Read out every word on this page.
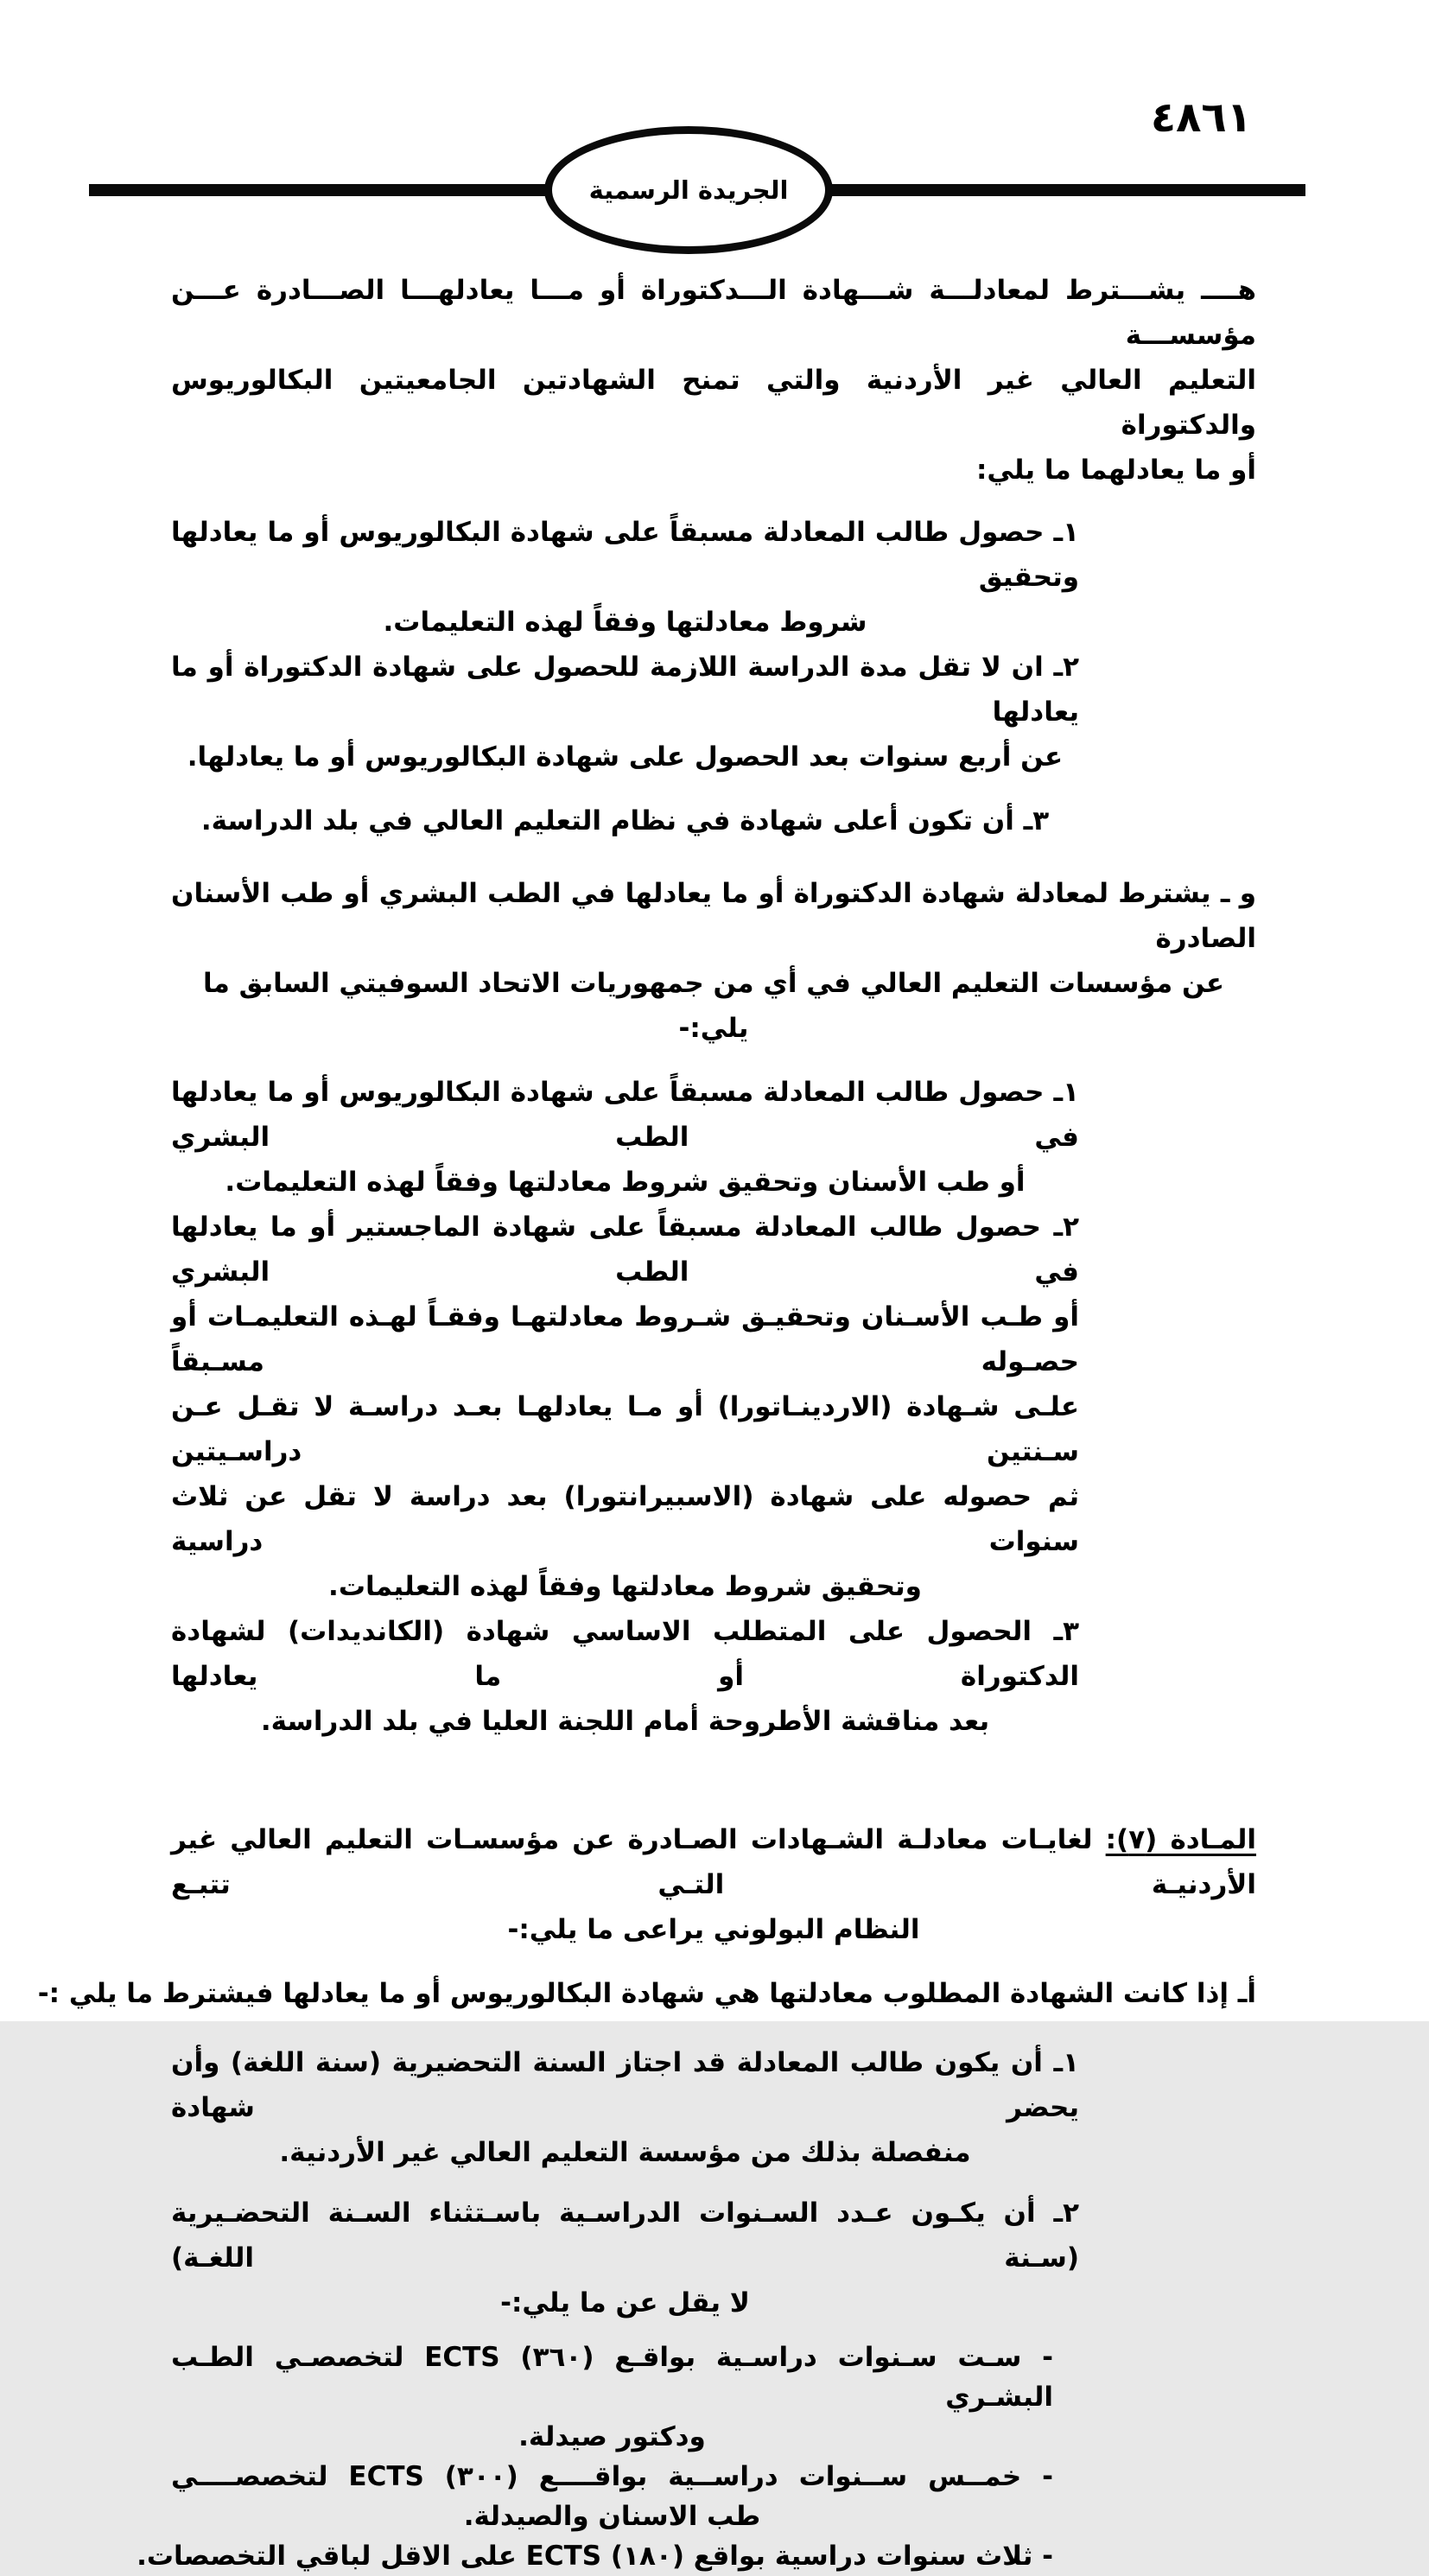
٤٨٦١
الجريدة الرسمية
هــــ يشـــترط لمعادلـــة شـــهادة الـــدكتوراة أو مـــا يعادلهـــا الصـــادرة عـــن مؤسســـة
التعليم العالي غير الأردنية والتي تمنح الشهادتين الجامعيتين البكالوريوس والدكتوراة
أو ما يعادلهما ما يلي:
١ـ حصول طالب المعادلة مسبقاً على شهادة البكالوريوس أو ما يعادلها وتحقيق
شروط معادلتها وفقاً لهذه التعليمات.
٢ـ ان لا تقل مدة الدراسة اللازمة للحصول على شهادة الدكتوراة أو ما يعادلها
عن أربع سنوات بعد الحصول على شهادة البكالوريوس أو ما يعادلها.
٣ـ أن تكون أعلى شهادة في نظام التعليم العالي في بلد الدراسة.
و ـ يشترط لمعادلة شهادة الدكتوراة أو ما يعادلها في الطب البشري أو طب الأسنان الصادرة
عن مؤسسات التعليم العالي في أي من جمهوريات الاتحاد السوفيتي السابق ما يلي:-
١ـ حصول طالب المعادلة مسبقاً على شهادة البكالوريوس أو ما يعادلها في الطب البشري
أو طب الأسنان وتحقيق شروط معادلتها وفقاً لهذه التعليمات.
٢ـ حصول طالب المعادلة مسبقاً على شهادة الماجستير أو ما يعادلها في الطب البشري
أو طـب الأسـنان وتحقيـق شـروط معادلتهـا وفقـاً لهـذه التعليمـات أو حصـوله مسـبقاً
علـى شـهادة (الاردينـاتورا) أو مـا يعادلهـا بعـد دراسـة لا تقـل عـن سـنتين دراسـيتين
ثم حصوله على شهادة (الاسبيرانتورا) بعد دراسة لا تقل عن ثلاث سنوات دراسية
وتحقيق شروط معادلتها وفقاً لهذه التعليمات.
٣ـ الحصول على المتطلب الاساسي شهادة (الكانديدات) لشهادة الدكتوراة أو ما يعادلها
بعد مناقشة الأطروحة أمام اللجنة العليا في بلد الدراسة.
المـادة (٧): لغايـات معادلـة الشـهادات الصـادرة عن مؤسسـات التعليم العالي غير الأردنيـة التـي تتبـع
النظام البولوني يراعى ما يلي:-
أـ إذا كانت الشهادة المطلوب معادلتها هي شهادة البكالوريوس أو ما يعادلها فيشترط ما يلي :-
١ـ أن يكون طالب المعادلة قد اجتاز السنة التحضيرية (سنة اللغة) وأن يحضر شهادة
منفصلة بذلك من مؤسسة التعليم العالي غير الأردنية.
٢ـ أن يكـون عـدد السـنوات الدراسـية باسـتثناء السـنة التحضـيرية (سـنة اللغـة)
لا يقل عن ما يلي:-
- سـت سـنوات دراسـية بواقـع (٣٦٠) ECTS لتخصصـي الطـب البشـري
ودكتور صيدلة.
- خمــس ســنوات دراســية بواقــــع (٣٠٠) ECTS لتخصصــــي
طب الاسنان والصيدلة.
- ثلاث سنوات دراسية بواقع (١٨٠) ECTS على الاقل لباقي التخصصات.
